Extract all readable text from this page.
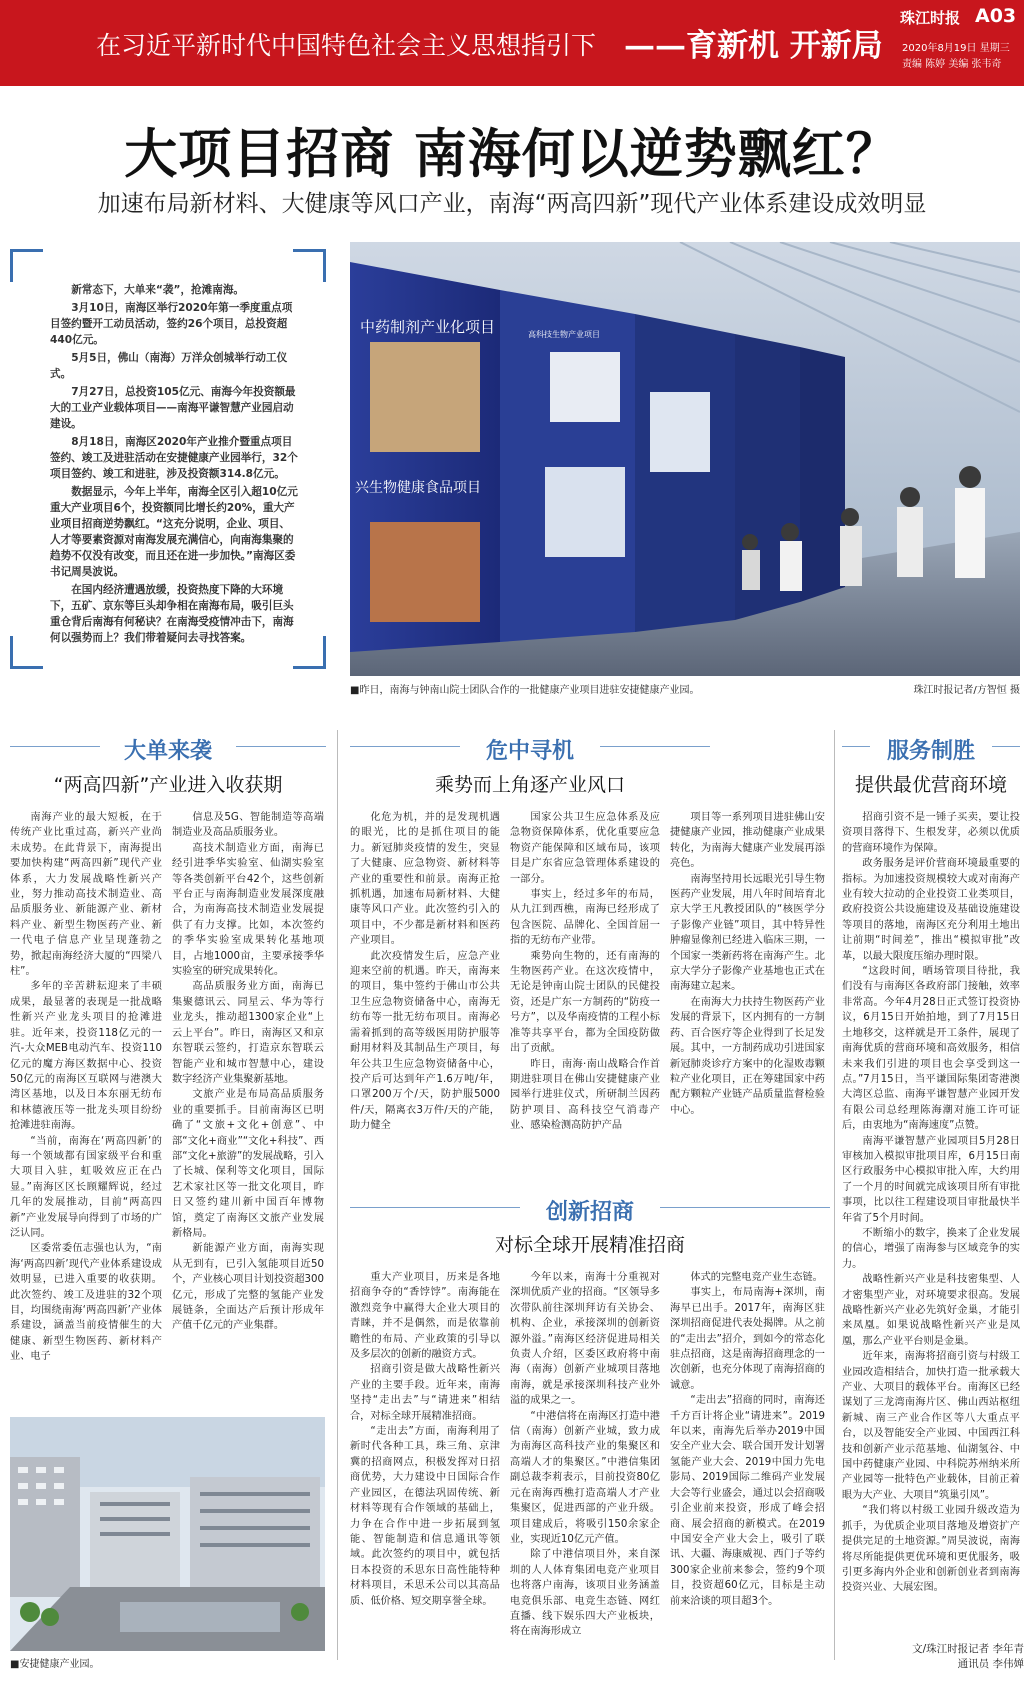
在习近平新时代中国特色社会主义思想指引下 ——育新机 开新局
珠江时报 A03
2020年8月19日 星期三
责编 陈婷 美编 张韦奇
大项目招商 南海何以逆势飘红？
加速布局新材料、大健康等风口产业，南海“两高四新”现代产业体系建设成效明显

新常态下，大单来“袭”，抢滩南海。

3月10日，南海区举行2020年第一季度重点项目签约暨开工动员活动，签约26个项目，总投资超440亿元。

5月5日，佛山（南海）万洋众创城举行动工仪式。

7月27日，总投资105亿元、南海今年投资额最大的工业产业载体项目——南海平谦智慧产业园启动建设。

8月18日，南海区2020年产业推介暨重点项目签约、竣工及进驻活动在安捷健康产业园举行，32个项目签约、竣工和进驻，涉及投资额314.8亿元。

数据显示，今年上半年，南海全区引入超10亿元重大产业项目6个，投资额同比增长约20%，重大产业项目招商逆势飘红。“这充分说明，企业、项目、人才等要素资源对南海发展充满信心，向南海集聚的趋势不仅没有改变，而且还在进一步加快。”南海区委书记周昊波说。

在国内经济遭遇放缓，投资热度下降的大环境下，五矿、京东等巨头却争相在南海布局，吸引巨头重仓背后南海有何秘诀？在南海受疫情冲击下，南海何以强势而上？我们带着疑问去寻找答案。

中药制剂产业化项目	高科技生物产业项目
兴生物健康食品项目
■昨日，南海与钟南山院士团队合作的一批健康产业项目进驻安捷健康产业园。	珠江时报记者/方智恒 摄
大单来袭
“两高四新”产业进入收获期
危中寻机
乘势而上角逐产业风口
服务制胜
提供最优营商环境
创新招商
对标全球开展精准招商

南海产业的最大短板，在于传统产业比重过高，新兴产业尚未成势。在此背景下，南海提出要加快构建“两高四新”现代产业体系，大力发展战略性新兴产业，努力推动高技术制造业、高品质服务业、新能源产业、新材料产业、新型生物医药产业、新一代电子信息产业呈现蓬勃之势，掀起南海经济大厦的“四梁八柱”。

多年的辛苦耕耘迎来了丰硕成果，最显著的表现是一批战略性新兴产业龙头项目的抢滩进驻。近年来，投资118亿元的一汽-大众MEB电动汽车、投资110亿元的魔方海区数据中心、投资50亿元的南海区互联网与港澳大湾区基地，以及日本东丽无纺布和林德液压等一批龙头项目纷纷抢滩进驻南海。

“当前，南海在‘两高四新’的每一个领域都有国家级平台和重大项目入驻，虹吸效应正在凸显。”南海区区长顾耀辉说，经过几年的发展推动，目前“两高四新”产业发展导向得到了市场的广泛认同。

区委常委伍志强也认为，“南海‘两高四新’现代产业体系建设成效明显，已进入重要的收获期。此次签约、竣工及进驻的32个项目，均围绕南海‘两高四新’产业体系建设，涵盖当前疫情催生的大健康、新型生物医药、新材料产业、电子

信息及5G、智能制造等高端制造业及高品质服务业。

高技术制造业方面，南海已经引进季华实验室、仙湖实验室等各类创新平台42个，这些创新平台正与南海制造业发展深度融合，为南海高技术制造业发展提供了有力支撑。比如，本次签约的季华实验室成果转化基地项目，占地1000亩，主要承接季华实验室的研究成果转化。

高品质服务业方面，南海已集聚德讯云、同星云、华为等行业龙头，推动超1300家企业“上云上平台”。昨日，南海区又和京东智联云签约，打造京东智联云智能产业和城市智慧中心，建设数字经济产业集聚新基地。

文旅产业是布局高品质服务业的重要抓手。目前南海区已明确了“文旅+文化+创意”、中部“文化+商业”“文化+科技”、西部“文化+旅游”的发展战略，引入了长城、保利等文化项目，国际艺术家社区等一批文化项目，昨日又签约建川新中国百年博物馆，奠定了南海区文旅产业发展新格局。

新能源产业方面，南海实现从无到有，已引入氢能项目近50个，产业核心项目计划投资超300亿元，形成了完整的氢能产业发展链条，全面达产后预计形成年产值千亿元的产业集群。

化危为机，并的是发现机遇的眼光，比的是抓住项目的能力。新冠肺炎疫情的发生，突显了大健康、应急物资、新材料等产业的重要性和前景。南海正抢抓机遇，加速布局新材料、大健康等风口产业。此次签约引入的项目中，不少都是新材料和医药产业项目。

此次疫情发生后，应急产业迎来空前的机遇。昨天，南海来的项目，集中签约于佛山市公共卫生应急物资储备中心，南海无纺布等一批无纺布项目。南海必需着抓到的高等级医用防护服等耐用材料及其制品生产项目，每年公共卫生应急物资储备中心，投产后可达到年产1.6万吨/年，口罩200万个/天，防护服5000件/天，隔离衣3万件/天的产能，助力健全

国家公共卫生应急体系及应急物资保障体系，优化重要应急物资产能保障和区域布局，该项目是广东省应急管理体系建设的一部分。

事实上，经过多年的布局，从九江到西樵，南海已经形成了包含医院、品牌化、全国首屈一指的无纺布产业带。

乘势向生物的，还有南海的生物医药产业。在这次疫情中，无论是钟南山院士团队的民健投资，还是广东一方制药的“防疫一号方”，以及华南疫情的工程小标准等共享平台，都为全国疫防做出了贡献。

昨日，南海·南山战略合作首期进驻项目在佛山安捷健康产业园举行进驻仪式，所研制兰因药防护项目、高科技空气消毒产业、感染检测高防护产品

项目等一系列项目进驻佛山安捷健康产业园，推动健康产业成果转化，为南海大健康产业发展再添亮色。

南海坚持用长远眼光引导生物医药产业发展，用八年时间培育北京大学王凡教授团队的“核医学分子影像产业链”项目，其中特异性肿瘤显像剂已经进入临床三期，一个国家一类新药将在南海产生。北京大学分子影像产业基地也正式在南海建立起来。

在南海大力扶持生物医药产业发展的背景下，区内拥有的一方制药、百合医疗等企业得到了长足发展。其中，一方制药成功引进国家新冠肺炎诊疗方案中的化湿败毒颗粒产业化项目，正在筹建国家中药配方颗粒产业链产品质量监督检验中心。

招商引资不是一锤子买卖，要让投资项目落得下、生根发芽，必须以优质的营商环境作为保障。

政务服务是评价营商环境最重要的指标。为加速投资规模较大或对南海产业有较大拉动的企业投资工业类项目，政府投资公共设施建设及基础设施建设等项目的落地，南海区充分利用土地出让前期“时间差”，推出“模拟审批”改革，以最大限度压缩办理时限。

“这段时间，晒场管项目待批，我们没有与南海区各政府部门接触，效率非常高。今年4月28日正式签订投资协议，6月15日开始拍地，到了7月15日土地移交，这样就是开工条件，展现了南海优质的营商环境和高效服务，相信未来我们引进的项目也会享受到这一点。”7月15日，当平谦国际集团寄港澳大湾区总监、南海平谦智慧产业园开发有限公司总经理陈海潮对施工许可证后，由衷地为“南海速度”点赞。

南海平谦智慧产业园项目5月28日审核加入模拟审批项目库，6月15日南区行政服务中心模拟审批入库，大约用了一个月的时间就完成该项目所有审批事项，比以往工程建设项目审批最快半年省了5个月时间。

不断缩小的数字，换来了企业发展的信心，增强了南海参与区域竞争的实力。

战略性新兴产业是科技密集型、人才密集型产业，对环境要求很高。发展战略性新兴产业必先筑好金巢，才能引来凤凰。如果说战略性新兴产业是凤凰，那么产业平台则是金巢。

近年来，南海将招商引资与村级工业园改造相结合，加快打造一批承载大产业、大项目的载体平台。南海区已经谋划了三龙湾南海片区、佛山西站枢纽新城、南三产业合作区等八大重点平台，以及智能安全产业园、中国西江科技和创新产业示范基地、仙湖氢谷、中国中药健康产业园、中科院苏州纳米所产业园等一批特色产业载体，目前正着眼为大产业、大项目“筑巢引凤”。

“我们将以村级工业园升级改造为抓手，为优质企业项目落地及增资扩产提供完足的土地资源。”周昊波说，南海将尽所能提供更优环境和更优服务，吸引更多海内外企业和创新创业者到南海投资兴业、大展宏图。

重大产业项目，历来是各地招商争夺的“香饽饽”。南海能在激烈竞争中赢得大企业大项目的青睐，并不是偶然，而是依靠前瞻性的布局、产业政策的引导以及多层次的创新的融资方式。

招商引资是做大战略性新兴产业的主要手段。近年来，南海坚持“走出去”与“请进来”相结合，对标全球开展精准招商。

“走出去”方面，南海利用了新时代各种工具，珠三角、京津冀的招商网点，积极发挥对日招商优势，大力建设中日国际合作产业园区，在德法巩固传统、新材料等现有合作领域的基础上，力争在合作中进一步拓展到氢能、智能制造和信息通讯等领域。此次签约的项目中，就包括日本投资的禾思东日高性能特种材料项目，禾思禾公司以其高品质、低价格、短交期享誉全球。

今年以来，南海十分重视对深圳优质产业的招商。“区领导多次带队前往深圳拜访有关协会、机构、企业，承接深圳的创新资源外溢。”南海区经济促进局相关负责人介绍，区委区政府将中南海（南海）创新产业城项目落地南海，就是承接深圳科技产业外溢的成果之一。

“中港信将在南海区打造中港信（南海）创新产业城，致力成为南海区高科技产业的集聚区和高端人才的集聚区。”中港信集团副总裁李莉表示，目前投资80亿元在南海西樵打造高端人才产业集聚区，促进西部的产业升级。项目建成后，将吸引150余家企业，实现近10亿元产值。

除了中港信项目外，来自深圳的人人体育集团电竞产业项目也将落户南海，该项目业务涵盖电竞俱乐部、电竞生态链、网红直播、线下娱乐四大产业板块，将在南海形成立

体式的完整电竞产业生态链。

事实上，布局南海+深圳，南海早已出手。2017年，南海区驻深圳招商促进代表处揭牌。从之前的“走出去”招介，到如今的常态化驻点招商，这是南海招商理念的一次创新，也充分体现了南海招商的诚意。

“走出去”招商的同时，南海还千方百计将企业“请进来”。2019年以来，南海先后举办2019中国安全产业大会、联合国开发计划署氢能产业大会、2019中国力先电影局、2019国际二维码产业发展大会等行业盛会，通过以会招商吸引企业前来投资，形成了峰会招商、展会招商的新模式。在2019中国安全产业大会上，吸引了联讯、大疆、海康威视、西门子等约300家企业前来参会，签约9个项目，投资超60亿元，目标是主动前来洽谈的项目超3个。

■安捷健康产业园。
文/珠江时报记者 李年青
通讯员 李伟婵
